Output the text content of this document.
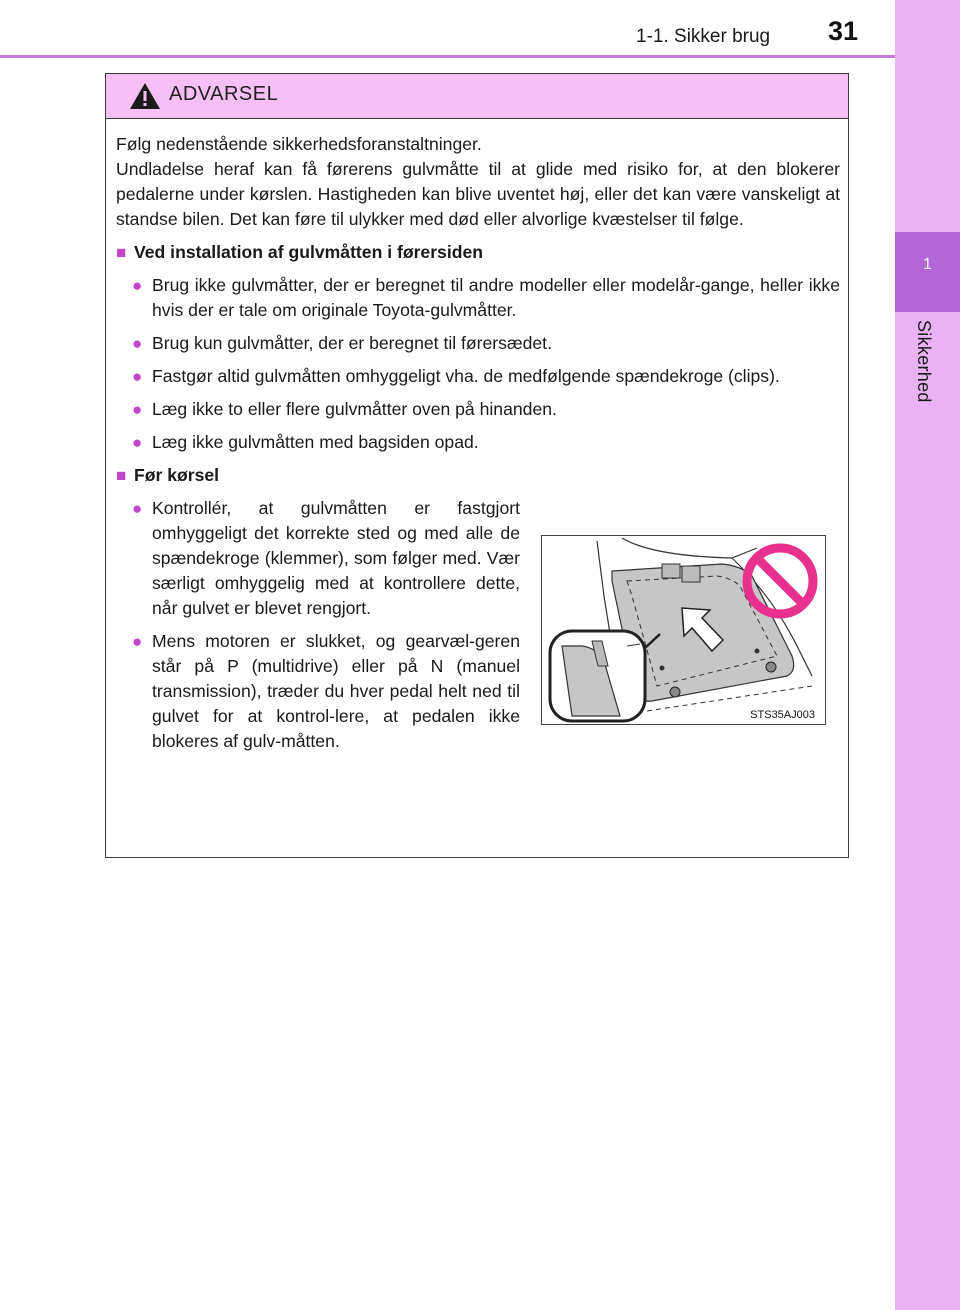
1-1. Sikker brug 31
1
Sikkerhed
ADVARSEL

Følg nedenstående sikkerhedsforanstaltninger.

Undladelse heraf kan få førerens gulvmåtte til at glide med risiko for, at den blokerer pedalerne under kørslen. Hastigheden kan blive uventet høj, eller det kan være vanskeligt at standse bilen. Det kan føre til ulykker med død eller alvorlige kvæstelser til følge.

■ Ved installation af gulvmåtten i førersiden
● Brug ikke gulvmåtter, der er beregnet til andre modeller eller modelår-gange, heller ikke hvis der er tale om originale Toyota-gulvmåtter.
● Brug kun gulvmåtter, der er beregnet til førersædet.
● Fastgør altid gulvmåtten omhyggeligt vha. de medfølgende spændekroge (clips).
● Læg ikke to eller flere gulvmåtter oven på hinanden.
● Læg ikke gulvmåtten med bagsiden opad.
■ Før kørsel
● Kontrollér, at gulvmåtten er fastgjort omhyggeligt det korrekte sted og med alle de spændekroge (klemmer), som følger med. Vær særligt omhyggelig med at kontrollere dette, når gulvet er blevet rengjort.
● Mens motoren er slukket, og gearvæl-geren står på P (multidrive) eller på N (manuel transmission), træder du hver pedal helt ned til gulvet for at kontrol-lere, at pedalen ikke blokeres af gulv-måtten.
STS35AJ003
